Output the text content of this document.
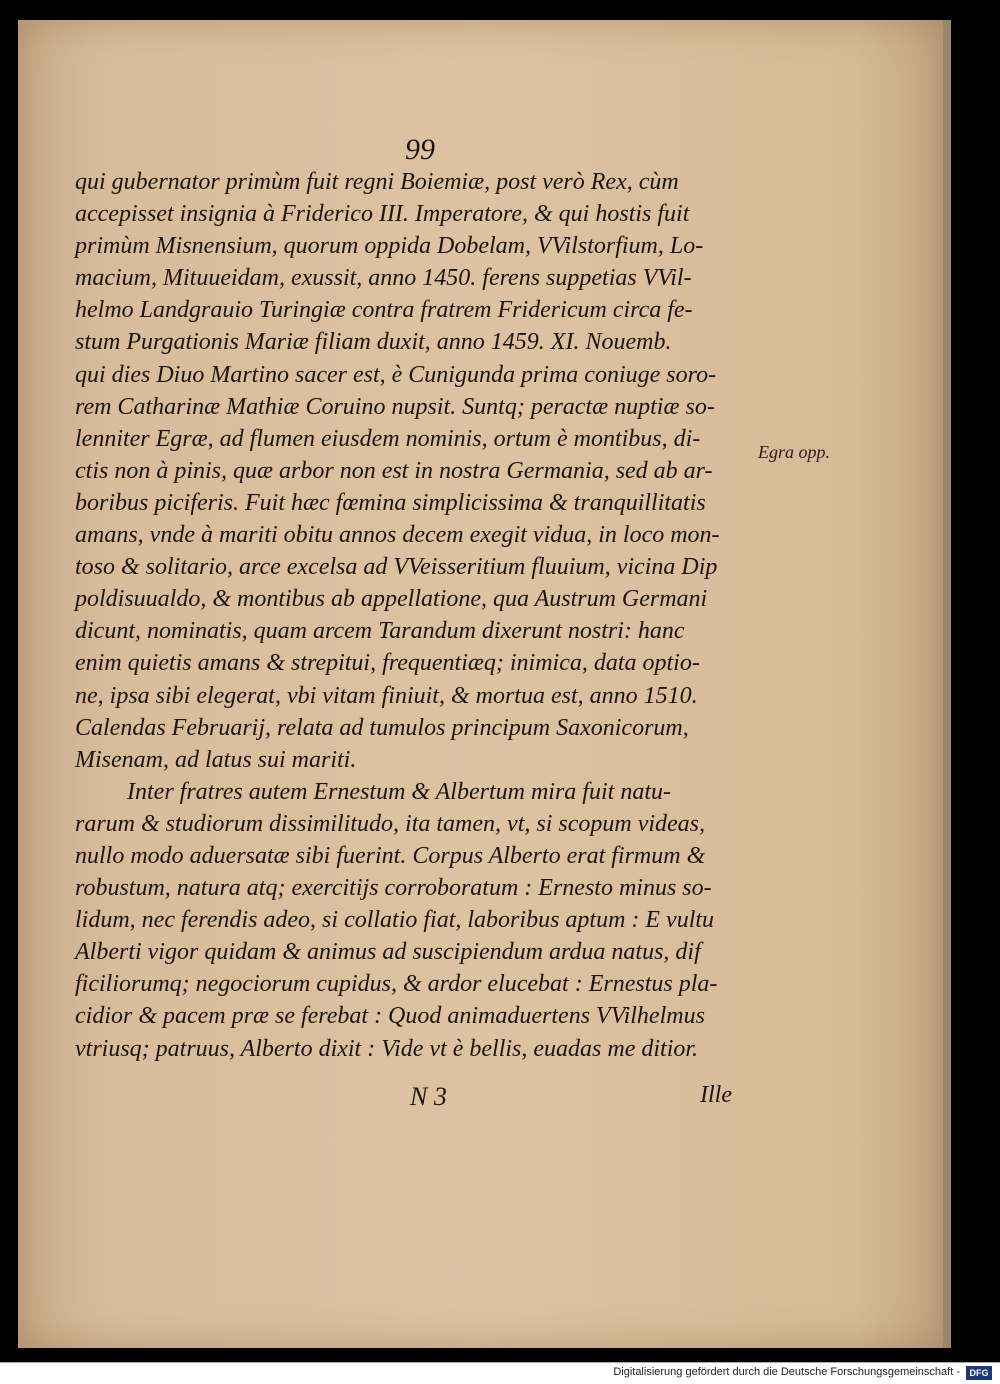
99
qui gubernator primùm fuit regni Boiemiæ, post verò Rex, cùm
accepisset insignia à Friderico III. Imperatore, & qui hostis fuit
primùm Misnensium, quorum oppida Dobelam, VVilstorfium, Lo-
macium, Mituueidam, exussit, anno 1450. ferens suppetias VVil-
helmo Landgrauio Turingiæ contra fratrem Fridericum circa fe-
stum Purgationis Mariæ filiam duxit, anno 1459. XI. Nouemb.
qui dies Diuo Martino sacer est, è Cunigunda prima coniuge soro-
rem Catharinæ Mathiæ Coruino nupsit. Suntq; peractæ nuptiæ so-
lenniter Egræ, ad flumen eiusdem nominis, ortum è montibus, di-
ctis non à pinis, quæ arbor non est in nostra Germania, sed ab ar-
boribus piciferis. Fuit hæc fœmina simplicissima & tranquillitatis
amans, vnde à mariti obitu annos decem exegit vidua, in loco mon-
toso & solitario, arce excelsa ad VVeisseritium fluuium, vicina Dip
poldisuualdo, & montibus ab appellatione, qua Austrum Germani
dicunt, nominatis, quam arcem Tarandum dixerunt nostri: hanc
enim quietis amans & strepitui, frequentiæq; inimica, data optio-
ne, ipsa sibi elegerat, vbi vitam finiuit, & mortua est, anno 1510.
Calendas Februarij, relata ad tumulos principum Saxonicorum,
Misenam, ad latus sui mariti.
Inter fratres autem Ernestum & Albertum mira fuit natu-
rarum & studiorum dissimilitudo, ita tamen, vt, si scopum videas,
nullo modo aduersatæ sibi fuerint. Corpus Alberto erat firmum &
robustum, natura atq; exercitijs corroboratum : Ernesto minus so-
lidum, nec ferendis adeo, si collatio fiat, laboribus aptum : E vultu
Alberti vigor quidam & animus ad suscipiendum ardua natus, dif
ficiliorumq; negociorum cupidus, & ardor elucebat : Ernestus pla-
cidior & pacem præ se ferebat : Quod animaduertens VVilhelmus
vtriusq; patruus, Alberto dixit : Vide vt è bellis, euadas me ditior.
Egra opp.
N 3	Ille
Digitalisierung gefördert durch die Deutsche Forschungsgemeinschaft -	DFG
